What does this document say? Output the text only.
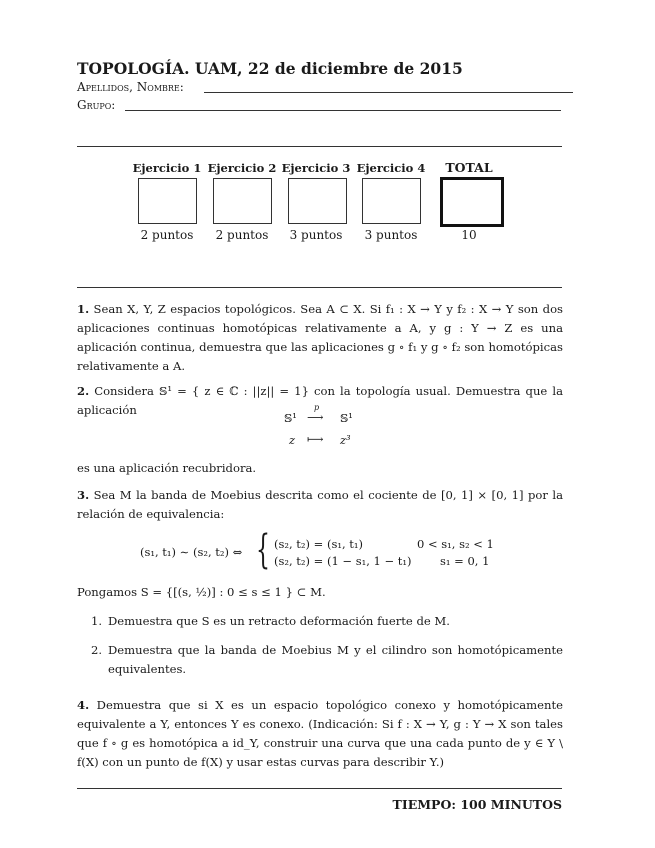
TOPOLOGÍA. UAM, 22 de diciembre de 2015
Apellidos, Nombre:
Grupo:
Ejercicio 1 Ejercicio 2 Ejercicio 3 Ejercicio 4	TOTAL
2 puntos	2 puntos	3 puntos	3 puntos	10
1. Sean X, Y, Z espacios topológicos. Sea A ⊂ X. Si f₁ : X → Y y f₂ : X → Y son dos aplicaciones continuas homotópicas relativamente a A, y g : Y → Z es una aplicación continua, demuestra que las aplicaciones g ∘ f₁ y g ∘ f₂ son homotópicas relativamente a A.
2. Considera 𝕊¹ = { z ∈ ℂ : ||z|| = 1} con la topología usual. Demuestra que la aplicación
𝕊¹
p
⟶ 𝕊¹
z ⟼ z³
es una aplicación recubridora.
3. Sea M la banda de Moebius descrita como el cociente de [0, 1] × [0, 1] por la relación de equivalencia:
(s₁, t₁) ∼ (s₂, t₂) ⇔ { (s₂, t₂) = (s₁, t₁)	0 < s₁, s₂ < 1
(s₂, t₂) = (1 − s₁, 1 − t₁) s₁ = 0, 1
Pongamos S = {[(s, ½)] : 0 ≤ s ≤ 1 } ⊂ M.
1. Demuestra que S es un retracto deformación fuerte de M.
2. Demuestra que la banda de Moebius M y el cilindro son homotópicamente equivalentes.
4. Demuestra que si X es un espacio topológico conexo y homotópicamente equivalente a Y, entonces Y es conexo. (Indicación: Si f : X → Y, g : Y → X son tales que f ∘ g es homotópica a id_Y, construir una curva que una cada punto de y ∈ Y \ f(X) con un punto de f(X) y usar estas curvas para describir Y.)
TIEMPO: 100 MINUTOS
